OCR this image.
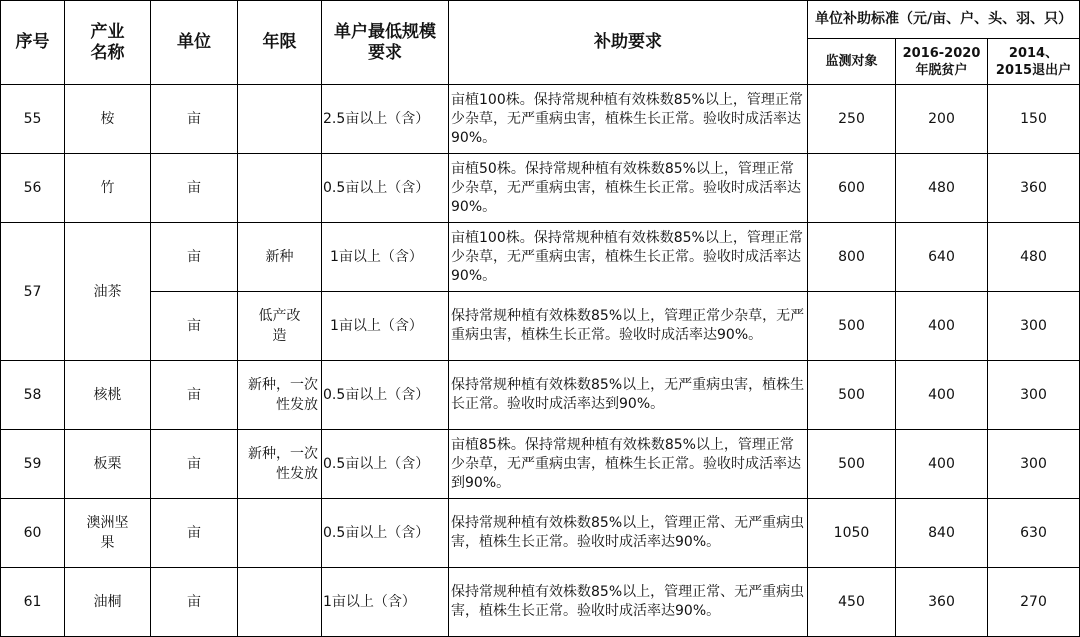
序号	产业名称	单位	年限	单户最低规模要求	补助要求	单位补助标准（元/亩、户、头、羽、只）		
						监测对象	2016-2020年脱贫户	2014、2015退出户
55	桉	亩		2.5亩以上（含）	亩植100株。保持常规种植有效株数85%以上，管理正常少杂草，无严重病虫害，植株生长正常。验收时成活率达90%。	250	200	150
56	竹	亩		0.5亩以上（含）	亩植50株。保持常规种植有效株数85%以上，管理正常少杂草，无严重病虫害，植株生长正常。验收时成活率达90%。	600	480	360
57	油茶	亩	新种	1亩以上（含）	亩植100株。保持常规种植有效株数85%以上，管理正常少杂草，无严重病虫害，植株生长正常。验收时成活率达90%。	800	640	480
		亩	低产改造	1亩以上（含）	保持常规种植有效株数85%以上，管理正常少杂草，无严重病虫害，植株生长正常。验收时成活率达90%。	500	400	300
58	核桃	亩	新种，一次性发放	0.5亩以上（含）	保持常规种植有效株数85%以上，无严重病虫害，植株生长正常。验收时成活率达到90%。	500	400	300
59	板栗	亩	新种，一次性发放	0.5亩以上（含）	亩植85株。保持常规种植有效株数85%以上，管理正常少杂草，无严重病虫害，植株生长正常。验收时成活率达到90%。	500	400	300
60	澳洲坚果	亩		0.5亩以上（含）	保持常规种植有效株数85%以上，管理正常、无严重病虫害，植株生长正常。验收时成活率达90%。	1050	840	630
61	油桐	亩		1亩以上（含）	保持常规种植有效株数85%以上，管理正常、无严重病虫害，植株生长正常。验收时成活率达90%。	450	360	270
